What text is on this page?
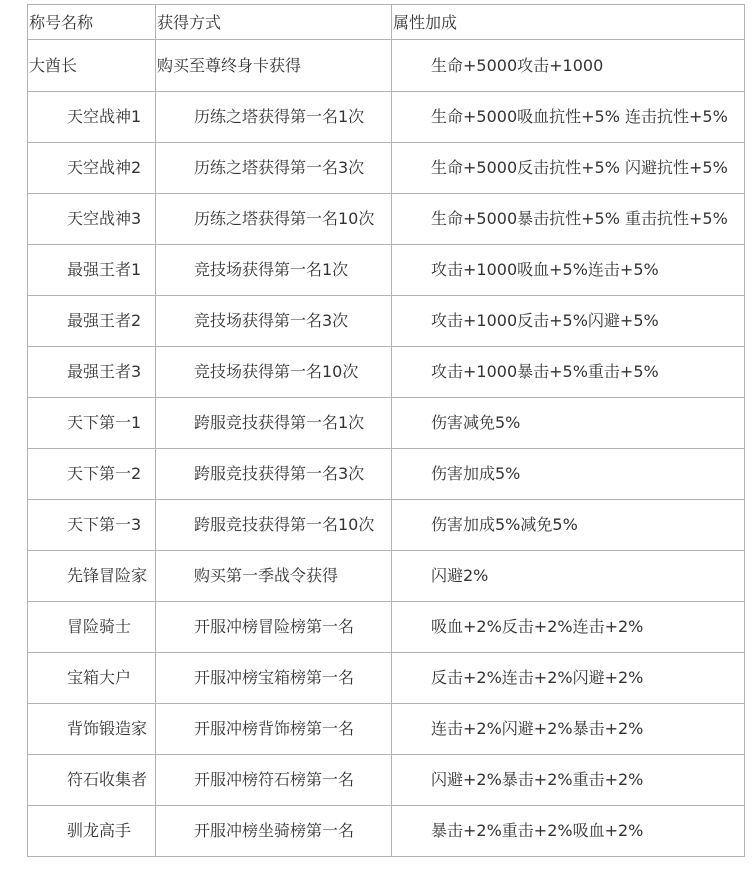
称号名称	获得方式	属性加成
大酋长	购买至尊终身卡获得	生命+5000攻击+1000
天空战神1	历练之塔获得第一名1次	生命+5000吸血抗性+5% 连击抗性+5%
天空战神2	历练之塔获得第一名3次	生命+5000反击抗性+5% 闪避抗性+5%
天空战神3	历练之塔获得第一名10次	生命+5000暴击抗性+5% 重击抗性+5%
最强王者1	竞技场获得第一名1次	攻击+1000吸血+5%连击+5%
最强王者2	竞技场获得第一名3次	攻击+1000反击+5%闪避+5%
最强王者3	竞技场获得第一名10次	攻击+1000暴击+5%重击+5%
天下第一1	跨服竞技获得第一名1次	伤害减免5%
天下第一2	跨服竞技获得第一名3次	伤害加成5%
天下第一3	跨服竞技获得第一名10次	伤害加成5%减免5%
先锋冒险家	购买第一季战令获得	闪避2%
冒险骑士	开服冲榜冒险榜第一名	吸血+2%反击+2%连击+2%
宝箱大户	开服冲榜宝箱榜第一名	反击+2%连击+2%闪避+2%
背饰锻造家	开服冲榜背饰榜第一名	连击+2%闪避+2%暴击+2%
符石收集者	开服冲榜符石榜第一名	闪避+2%暴击+2%重击+2%
驯龙高手	开服冲榜坐骑榜第一名	暴击+2%重击+2%吸血+2%
